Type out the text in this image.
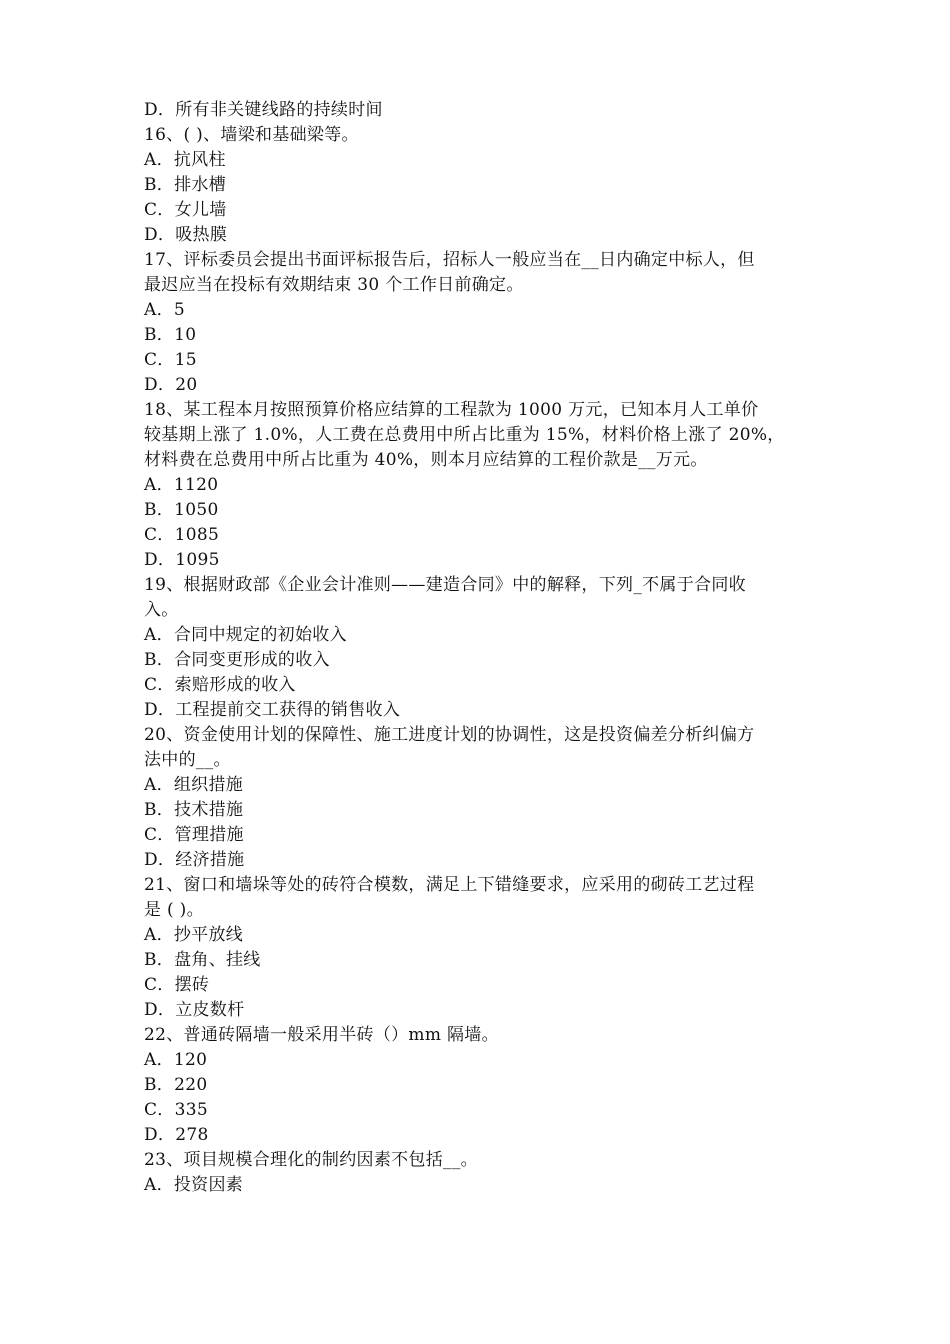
D．所有非关键线路的持续时间
16、( )、墙梁和基础梁等。
A．抗风柱
B．排水槽
C．女儿墙
D．吸热膜
17、评标委员会提出书面评标报告后，招标人一般应当在__日内确定中标人，但
最迟应当在投标有效期结束 30 个工作日前确定。
A．5
B．10
C．15
D．20
18、某工程本月按照预算价格应结算的工程款为 1000 万元，已知本月人工单价
较基期上涨了 1.0%，人工费在总费用中所占比重为 15%，材料价格上涨了 20%，
材料费在总费用中所占比重为 40%，则本月应结算的工程价款是__万元。
A．1120
B．1050
C．1085
D．1095
19、根据财政部《企业会计准则——建造合同》中的解释，下列_不属于合同收
入。
A．合同中规定的初始收入
B．合同变更形成的收入
C．索赔形成的收入
D．工程提前交工获得的销售收入
20、资金使用计划的保障性、施工进度计划的协调性，这是投资偏差分析纠偏方
法中的__。
A．组织措施
B．技术措施
C．管理措施
D．经济措施
21、窗口和墙垛等处的砖符合模数，满足上下错缝要求，应采用的砌砖工艺过程
是 ( )。
A．抄平放线
B．盘角、挂线
C．摆砖
D．立皮数杆
22、普通砖隔墙一般采用半砖（）mm 隔墙。
A．120
B．220
C．335
D．278
23、项目规模合理化的制约因素不包括__。
A．投资因素
